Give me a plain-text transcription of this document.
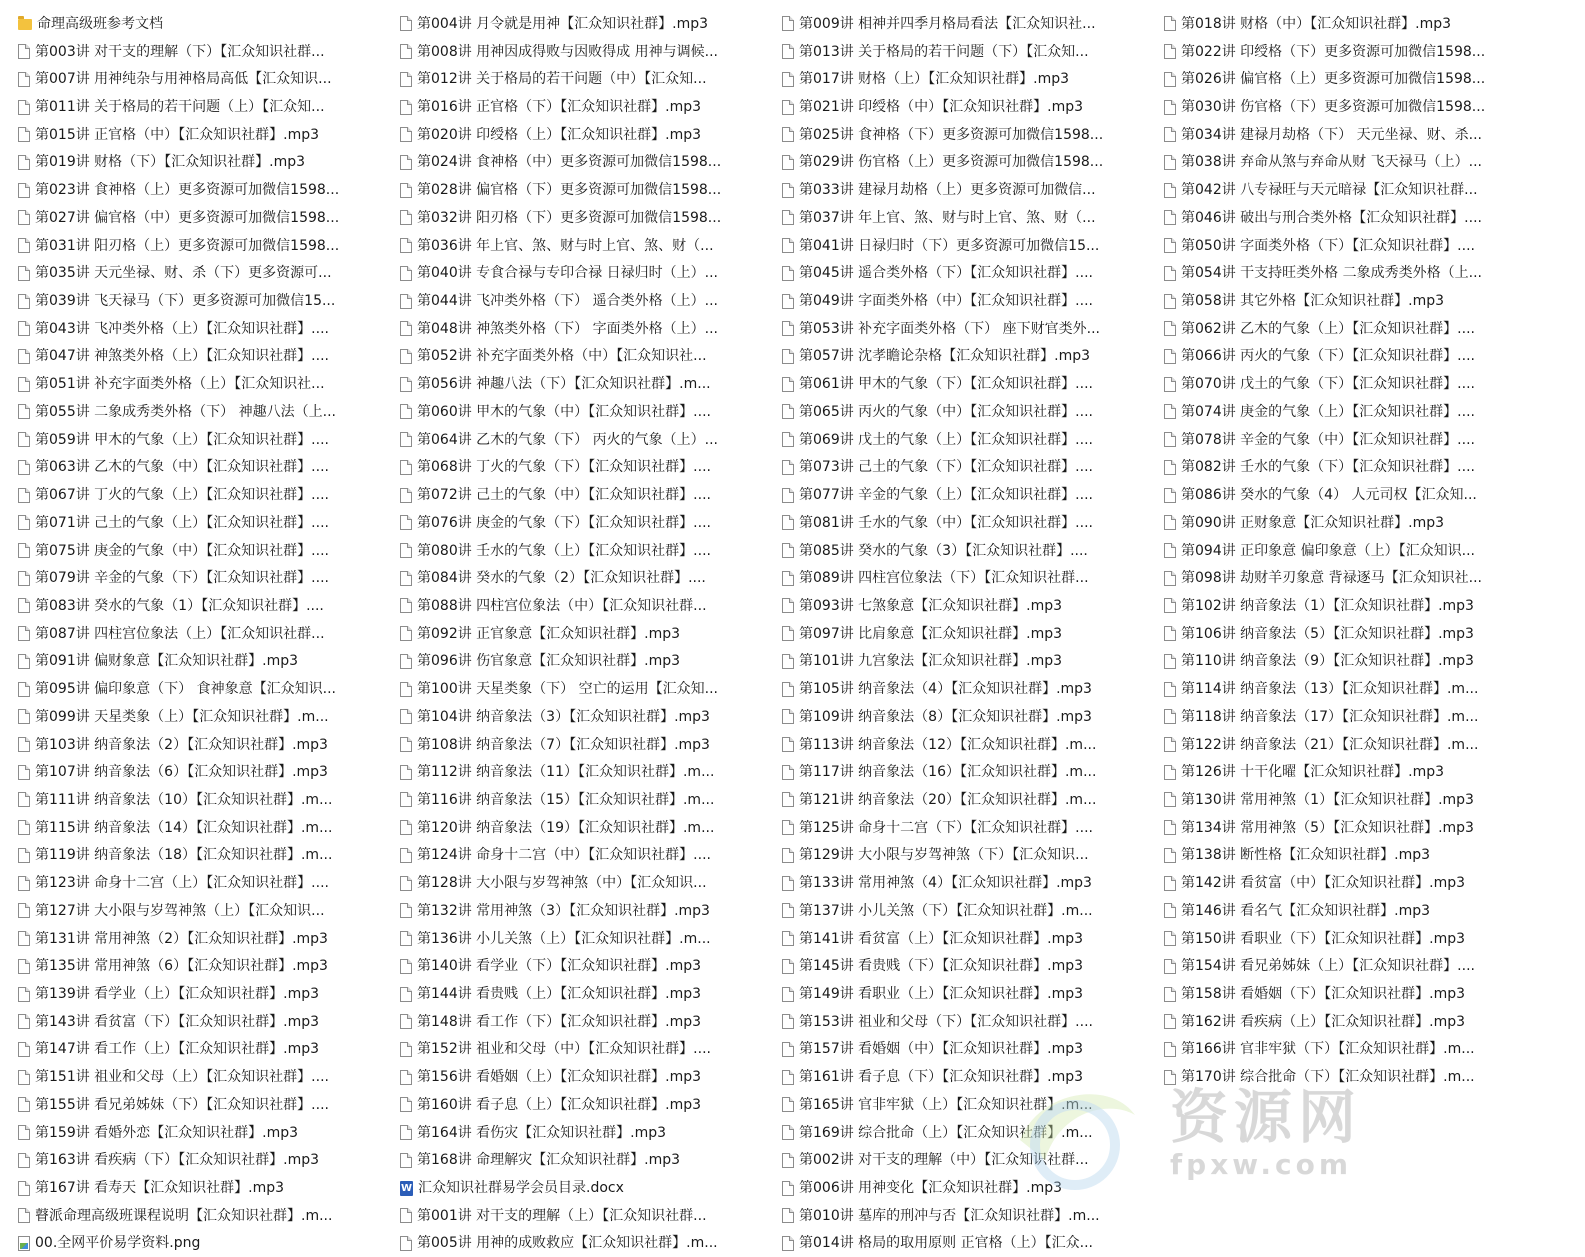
命理高级班参考文档
第003讲 对干支的理解（下）【汇众知识社群...
第007讲 用神纯杂与用神格局高低【汇众知识...
第011讲 关于格局的若干问题（上）【汇众知...
第015讲 正官格（中）【汇众知识社群】.mp3
第019讲 财格（下）【汇众知识社群】.mp3
第023讲 食神格（上）更多资源可加微信1598...
第027讲 偏官格（中）更多资源可加微信1598...
第031讲 阳刃格（上）更多资源可加微信1598...
第035讲 天元坐禄、财、杀（下）更多资源可...
第039讲 飞天禄马（下）更多资源可加微信15...
第043讲 飞冲类外格（上）【汇众知识社群】....
第047讲 神煞类外格（上）【汇众知识社群】....
第051讲 补充字面类外格（上）【汇众知识社...
第055讲 二象成秀类外格（下） 神趣八法（上...
第059讲 甲木的气象（上）【汇众知识社群】....
第063讲 乙木的气象（中）【汇众知识社群】....
第067讲 丁火的气象（上）【汇众知识社群】....
第071讲 己土的气象（上）【汇众知识社群】....
第075讲 庚金的气象（中）【汇众知识社群】....
第079讲 辛金的气象（下）【汇众知识社群】....
第083讲 癸水的气象（1）【汇众知识社群】....
第087讲 四柱宫位象法（上）【汇众知识社群...
第091讲 偏财象意【汇众知识社群】.mp3
第095讲 偏印象意（下） 食神象意【汇众知识...
第099讲 天星类象（上）【汇众知识社群】.m...
第103讲 纳音象法（2）【汇众知识社群】.mp3
第107讲 纳音象法（6）【汇众知识社群】.mp3
第111讲 纳音象法（10）【汇众知识社群】.m...
第115讲 纳音象法（14）【汇众知识社群】.m...
第119讲 纳音象法（18）【汇众知识社群】.m...
第123讲 命身十二宫（上）【汇众知识社群】....
第127讲 大小限与岁驾神煞（上）【汇众知识...
第131讲 常用神煞（2）【汇众知识社群】.mp3
第135讲 常用神煞（6）【汇众知识社群】.mp3
第139讲 看学业（上）【汇众知识社群】.mp3
第143讲 看贫富（下）【汇众知识社群】.mp3
第147讲 看工作（上）【汇众知识社群】.mp3
第151讲 祖业和父母（上）【汇众知识社群】....
第155讲 看兄弟姊妹（下）【汇众知识社群】....
第159讲 看婚外恋【汇众知识社群】.mp3
第163讲 看疾病（下）【汇众知识社群】.mp3
第167讲 看寿天【汇众知识社群】.mp3
瞽派命理高级班课程说明【汇众知识社群】.m...
00.全网平价易学资料.png
第004讲 月令就是用神【汇众知识社群】.mp3
第008讲 用神因成得败与因败得成 用神与调候...
第012讲 关于格局的若干问题（中）【汇众知...
第016讲 正官格（下）【汇众知识社群】.mp3
第020讲 印绶格（上）【汇众知识社群】.mp3
第024讲 食神格（中）更多资源可加微信1598...
第028讲 偏官格（下）更多资源可加微信1598...
第032讲 阳刃格（下）更多资源可加微信1598...
第036讲 年上官、煞、财与时上官、煞、财（...
第040讲 专食合禄与专印合禄 日禄归时（上）...
第044讲 飞冲类外格（下） 遥合类外格（上）...
第048讲 神煞类外格（下） 字面类外格（上）...
第052讲 补充字面类外格（中）【汇众知识社...
第056讲 神趣八法（下）【汇众知识社群】.m...
第060讲 甲木的气象（中）【汇众知识社群】....
第064讲 乙木的气象（下） 丙火的气象（上）...
第068讲 丁火的气象（下）【汇众知识社群】....
第072讲 己土的气象（中）【汇众知识社群】....
第076讲 庚金的气象（下）【汇众知识社群】....
第080讲 壬水的气象（上）【汇众知识社群】....
第084讲 癸水的气象（2）【汇众知识社群】....
第088讲 四柱宫位象法（中）【汇众知识社群...
第092讲 正官象意【汇众知识社群】.mp3
第096讲 伤官象意【汇众知识社群】.mp3
第100讲 天星类象（下） 空亡的运用【汇众知...
第104讲 纳音象法（3）【汇众知识社群】.mp3
第108讲 纳音象法（7）【汇众知识社群】.mp3
第112讲 纳音象法（11）【汇众知识社群】.m...
第116讲 纳音象法（15）【汇众知识社群】.m...
第120讲 纳音象法（19）【汇众知识社群】.m...
第124讲 命身十二宫（中）【汇众知识社群】....
第128讲 大小限与岁驾神煞（中）【汇众知识...
第132讲 常用神煞（3）【汇众知识社群】.mp3
第136讲 小儿关煞（上）【汇众知识社群】.m...
第140讲 看学业（下）【汇众知识社群】.mp3
第144讲 看贵贱（上）【汇众知识社群】.mp3
第148讲 看工作（下）【汇众知识社群】.mp3
第152讲 祖业和父母（中）【汇众知识社群】....
第156讲 看婚姻（上）【汇众知识社群】.mp3
第160讲 看子息（上）【汇众知识社群】.mp3
第164讲 看伤灾【汇众知识社群】.mp3
第168讲 命理解灾【汇众知识社群】.mp3
W
汇众知识社群易学会员目录.docx
第001讲 对干支的理解（上）【汇众知识社群...
第005讲 用神的成败救应【汇众知识社群】.m...
第009讲 相神并四季月格局看法【汇众知识社...
第013讲 关于格局的若干问题（下）【汇众知...
第017讲 财格（上）【汇众知识社群】.mp3
第021讲 印绶格（中）【汇众知识社群】.mp3
第025讲 食神格（下）更多资源可加微信1598...
第029讲 伤官格（上）更多资源可加微信1598...
第033讲 建禄月劫格（上）更多资源可加微信...
第037讲 年上官、煞、财与时上官、煞、财（...
第041讲 日禄归时（下）更多资源可加微信15...
第045讲 遥合类外格（下）【汇众知识社群】....
第049讲 字面类外格（中）【汇众知识社群】....
第053讲 补充字面类外格（下） 座下财官类外...
第057讲 沈孝瞻论杂格【汇众知识社群】.mp3
第061讲 甲木的气象（下）【汇众知识社群】....
第065讲 丙火的气象（中）【汇众知识社群】....
第069讲 戊土的气象（上）【汇众知识社群】....
第073讲 己土的气象（下）【汇众知识社群】....
第077讲 辛金的气象（上）【汇众知识社群】....
第081讲 壬水的气象（中）【汇众知识社群】....
第085讲 癸水的气象（3）【汇众知识社群】....
第089讲 四柱宫位象法（下）【汇众知识社群...
第093讲 七煞象意【汇众知识社群】.mp3
第097讲 比肩象意【汇众知识社群】.mp3
第101讲 九宫象法【汇众知识社群】.mp3
第105讲 纳音象法（4）【汇众知识社群】.mp3
第109讲 纳音象法（8）【汇众知识社群】.mp3
第113讲 纳音象法（12）【汇众知识社群】.m...
第117讲 纳音象法（16）【汇众知识社群】.m...
第121讲 纳音象法（20）【汇众知识社群】.m...
第125讲 命身十二宫（下）【汇众知识社群】....
第129讲 大小限与岁驾神煞（下）【汇众知识...
第133讲 常用神煞（4）【汇众知识社群】.mp3
第137讲 小儿关煞（下）【汇众知识社群】.m...
第141讲 看贫富（上）【汇众知识社群】.mp3
第145讲 看贵贱（下）【汇众知识社群】.mp3
第149讲 看职业（上）【汇众知识社群】.mp3
第153讲 祖业和父母（下）【汇众知识社群】....
第157讲 看婚姻（中）【汇众知识社群】.mp3
第161讲 看子息（下）【汇众知识社群】.mp3
第165讲 官非牢狱（上）【汇众知识社群】.m...
第169讲 综合批命（上）【汇众知识社群】.m...
第002讲 对干支的理解（中）【汇众知识社群...
第006讲 用神变化【汇众知识社群】.mp3
第010讲 墓库的刑冲与否【汇众知识社群】.m...
第014讲 格局的取用原则 正官格（上）【汇众...
第018讲 财格（中）【汇众知识社群】.mp3
第022讲 印绶格（下）更多资源可加微信1598...
第026讲 偏官格（上）更多资源可加微信1598...
第030讲 伤官格（下）更多资源可加微信1598...
第034讲 建禄月劫格（下） 天元坐禄、财、杀...
第038讲 弃命从煞与弃命从财 飞天禄马（上）...
第042讲 八专禄旺与天元暗禄【汇众知识社群...
第046讲 破出与刑合类外格【汇众知识社群】....
第050讲 字面类外格（下）【汇众知识社群】....
第054讲 干支持旺类外格 二象成秀类外格（上...
第058讲 其它外格【汇众知识社群】.mp3
第062讲 乙木的气象（上）【汇众知识社群】....
第066讲 丙火的气象（下）【汇众知识社群】....
第070讲 戊土的气象（下）【汇众知识社群】....
第074讲 庚金的气象（上）【汇众知识社群】....
第078讲 辛金的气象（中）【汇众知识社群】....
第082讲 壬水的气象（下）【汇众知识社群】....
第086讲 癸水的气象（4） 人元司权【汇众知...
第090讲 正财象意【汇众知识社群】.mp3
第094讲 正印象意 偏印象意（上）【汇众知识...
第098讲 劫财羊刃象意 背禄逐马【汇众知识社...
第102讲 纳音象法（1）【汇众知识社群】.mp3
第106讲 纳音象法（5）【汇众知识社群】.mp3
第110讲 纳音象法（9）【汇众知识社群】.mp3
第114讲 纳音象法（13）【汇众知识社群】.m...
第118讲 纳音象法（17）【汇众知识社群】.m...
第122讲 纳音象法（21）【汇众知识社群】.m...
第126讲 十干化曜【汇众知识社群】.mp3
第130讲 常用神煞（1）【汇众知识社群】.mp3
第134讲 常用神煞（5）【汇众知识社群】.mp3
第138讲 断性格【汇众知识社群】.mp3
第142讲 看贫富（中）【汇众知识社群】.mp3
第146讲 看名气【汇众知识社群】.mp3
第150讲 看职业（下）【汇众知识社群】.mp3
第154讲 看兄弟姊妹（上）【汇众知识社群】....
第158讲 看婚姻（下）【汇众知识社群】.mp3
第162讲 看疾病（上）【汇众知识社群】.mp3
第166讲 官非牢狱（下）【汇众知识社群】.m...
第170讲 综合批命（下）【汇众知识社群】.m...
资源网
fpxw.com
